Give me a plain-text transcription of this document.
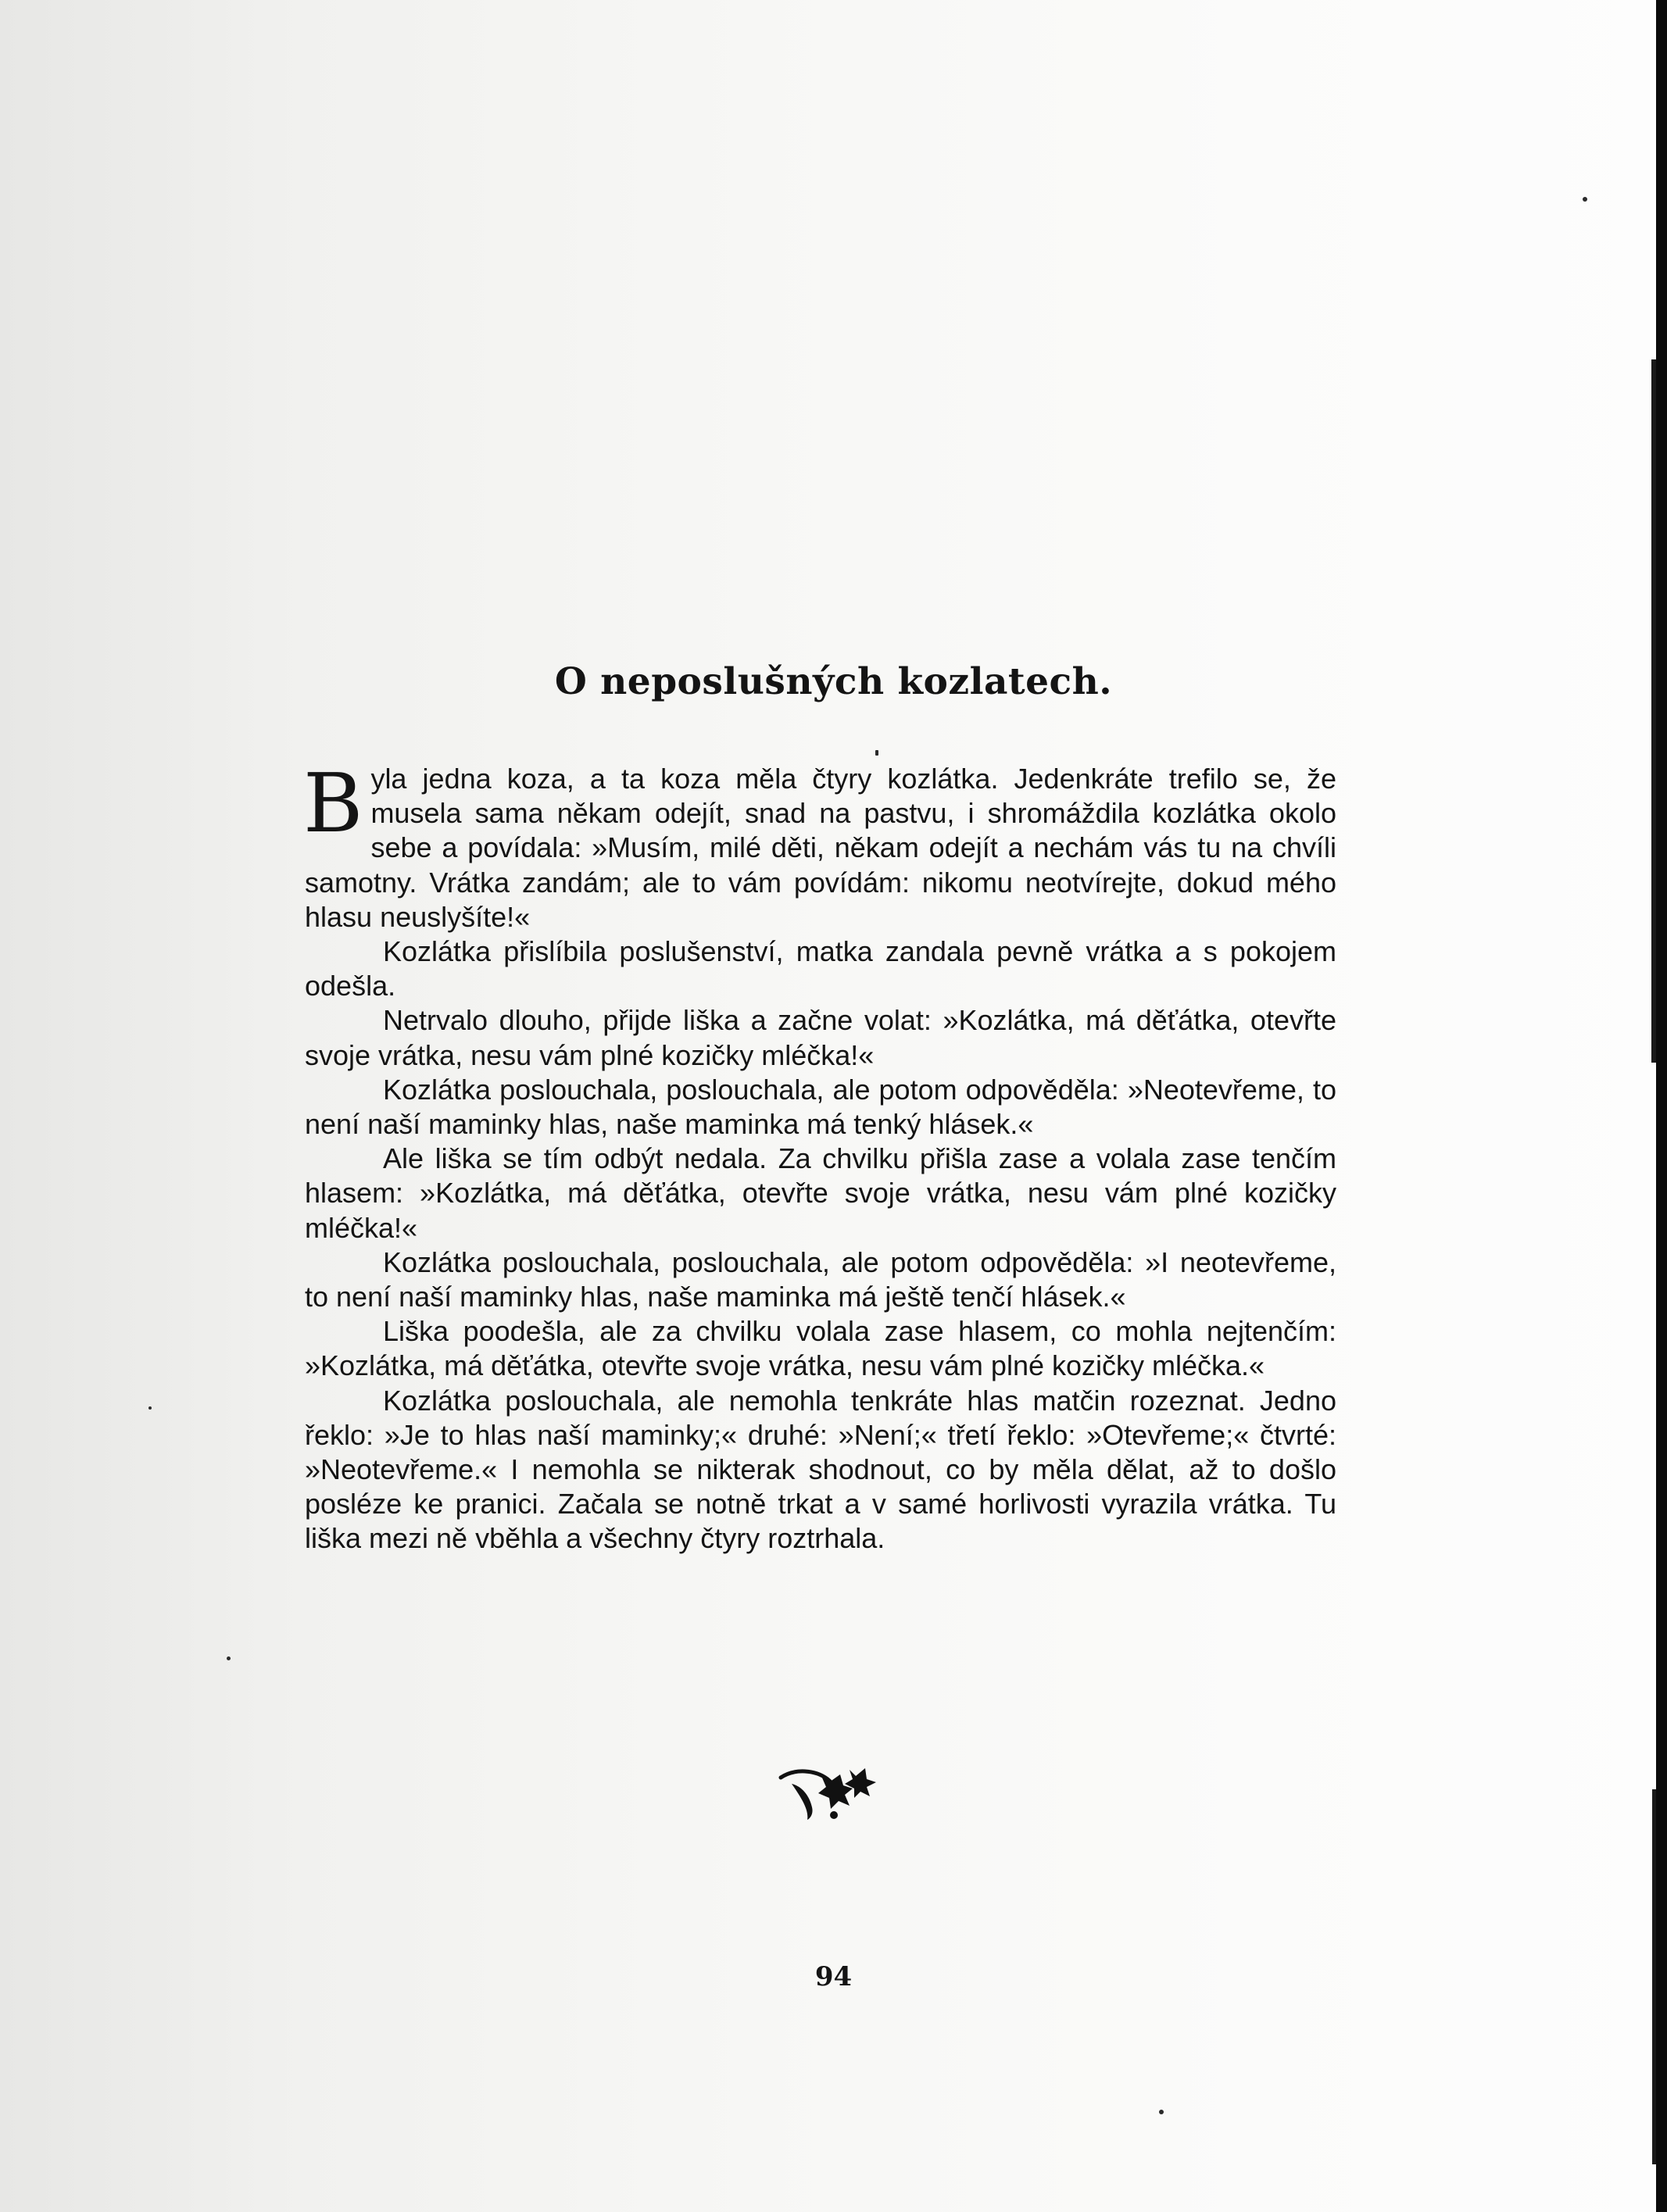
O neposlušných kozlatech.

Byla jedna koza, a ta koza měla čtyry kozlátka. Jedenkráte trefilo se, že musela sama někam odejít, snad na pastvu, i shromáždila kozlátka okolo sebe a povídala: »Musím, milé děti, někam odejít a nechám vás tu na chvíli samotny. Vrátka zandám; ale to vám povídám: nikomu neotvírejte, dokud mého hlasu neuslyšíte!«

Kozlátka přislíbila poslušenství, matka zandala pevně vrátka a s pokojem odešla.

Netrvalo dlouho, přijde liška a začne volat: »Kozlátka, má děťátka, otevřte svoje vrátka, nesu vám plné kozičky mléčka!«

Kozlátka poslouchala, poslouchala, ale potom odpověděla: »Neotevřeme, to není naší maminky hlas, naše maminka má tenký hlásek.«

Ale liška se tím odbýt nedala. Za chvilku přišla zase a volala zase tenčím hlasem: »Kozlátka, má děťátka, otevřte svoje vrátka, nesu vám plné kozičky mléčka!«

Kozlátka poslouchala, poslouchala, ale potom odpověděla: »I neotevřeme, to není naší maminky hlas, naše maminka má ještě tenčí hlásek.«

Liška poodešla, ale za chvilku volala zase hlasem, co mohla nejtenčím: »Kozlátka, má děťátka, otevřte svoje vrátka, nesu vám plné kozičky mléčka.«

Kozlátka poslouchala, ale nemohla tenkráte hlas matčin rozeznat. Jedno řeklo: »Je to hlas naší maminky;« druhé: »Není;« třetí řeklo: »Otevřeme;« čtvrté: »Neotevřeme.« I nemohla se nikterak shodnout, co by měla dělat, až to došlo posléze ke pranici. Začala se notně trkat a v samé horlivosti vyrazila vrátka. Tu liška mezi ně vběhla a všechny čtyry roztrhala.

94
